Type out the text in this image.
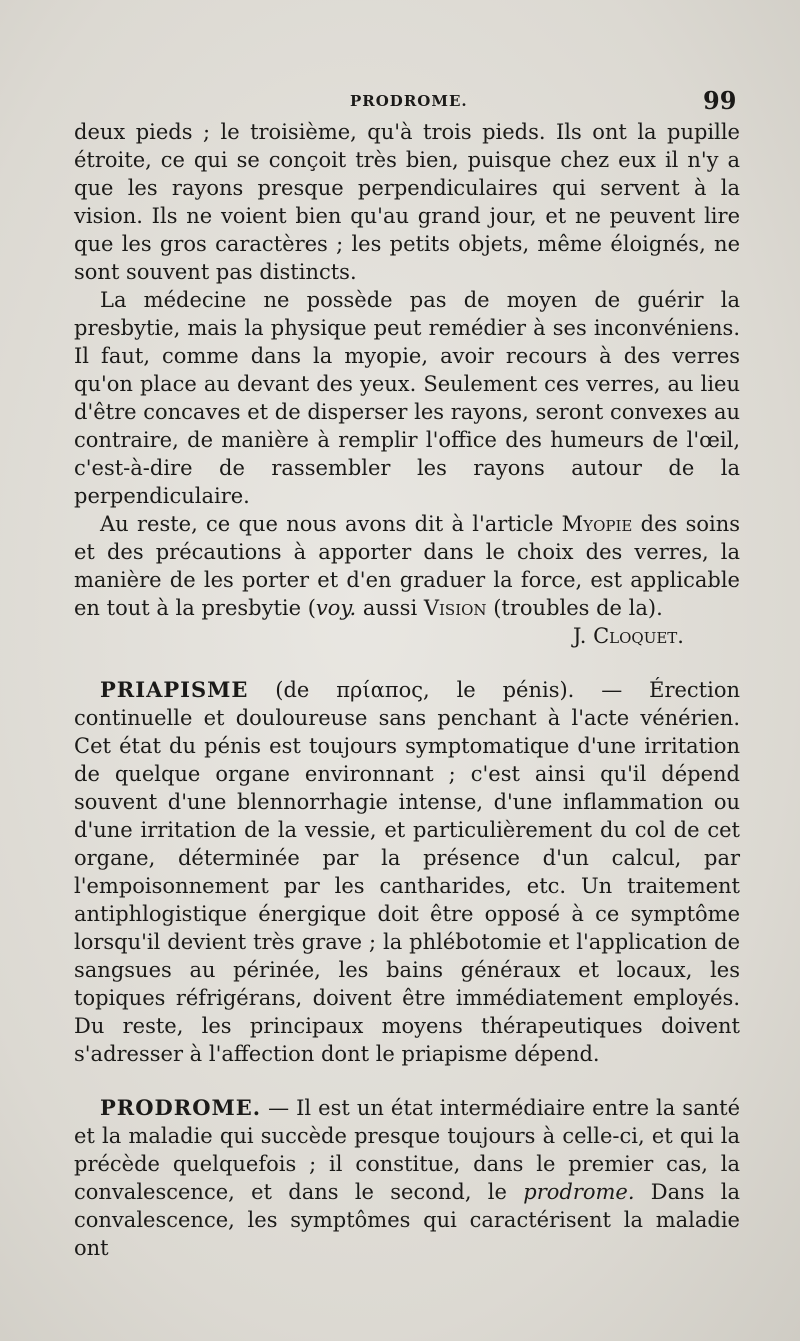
PRODROME.	99

deux pieds ; le troisième, qu'à trois pieds. Ils ont la pupille étroite, ce qui se conçoit très bien, puisque chez eux il n'y a que les rayons presque perpendiculaires qui servent à la vision. Ils ne voient bien qu'au grand jour, et ne peuvent lire que les gros caractères ; les petits objets, même éloignés, ne sont souvent pas distincts.

La médecine ne possède pas de moyen de guérir la presbytie, mais la physique peut remédier à ses inconvéniens. Il faut, comme dans la myopie, avoir recours à des verres qu'on place au devant des yeux. Seulement ces verres, au lieu d'être concaves et de disperser les rayons, seront convexes au contraire, de manière à remplir l'office des humeurs de l'œil, c'est-à-dire de rassembler les rayons autour de la perpendiculaire.

Au reste, ce que nous avons dit à l'article Myopie des soins et des précautions à apporter dans le choix des verres, la manière de les porter et d'en graduer la force, est applicable en tout à la presbytie (voy. aussi Vision (troubles de la).

J. Cloquet.

PRIAPISME (de πρίαπος, le pénis). — Érection continuelle et douloureuse sans penchant à l'acte vénérien. Cet état du pénis est toujours symptomatique d'une irritation de quelque organe environnant ; c'est ainsi qu'il dépend souvent d'une blennorrhagie intense, d'une inflammation ou d'une irritation de la vessie, et particulièrement du col de cet organe, déterminée par la présence d'un calcul, par l'empoisonnement par les cantharides, etc. Un traitement antiphlogistique énergique doit être opposé à ce symptôme lorsqu'il devient très grave ; la phlébotomie et l'application de sangsues au périnée, les bains généraux et locaux, les topiques réfrigérans, doivent être immédiatement employés. Du reste, les principaux moyens thérapeutiques doivent s'adresser à l'affection dont le priapisme dépend.

PRODROME. — Il est un état intermédiaire entre la santé et la maladie qui succède presque toujours à celle-ci, et qui la précède quelquefois ; il constitue, dans le premier cas, la convalescence, et dans le second, le prodrome. Dans la convalescence, les symptômes qui caractérisent la maladie ont
